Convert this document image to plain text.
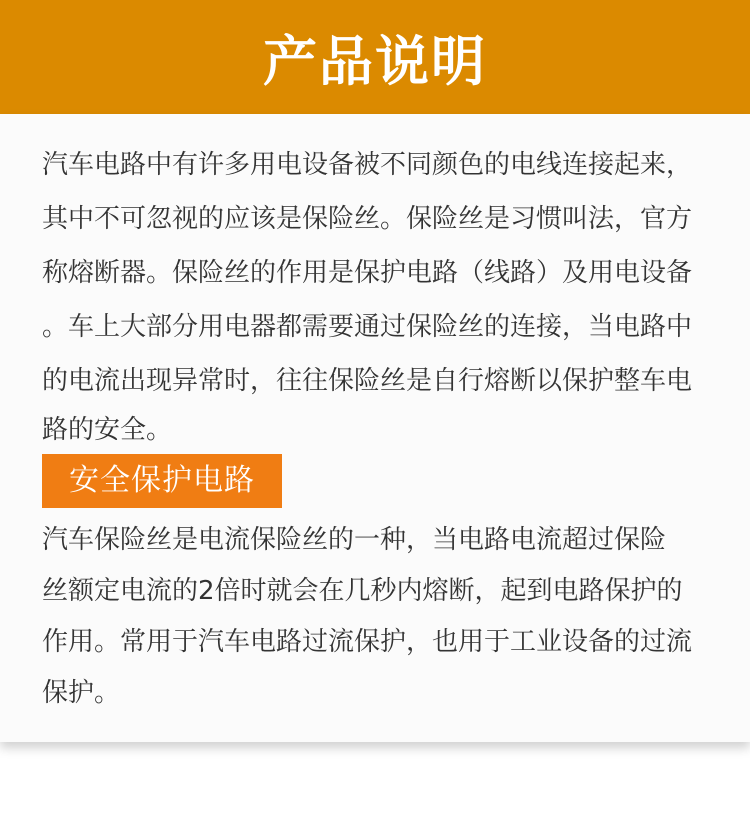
产品说明
汽车电路中有许多用电设备被不同颜色的电线连接起来，
其中不可忽视的应该是保险丝。保险丝是习惯叫法，官方
称熔断器。保险丝的作用是保护电路（线路）及用电设备
。车上大部分用电器都需要通过保险丝的连接，当电路中
的电流出现异常时，往往保险丝是自行熔断以保护整车电
路的安全。
安全保护电路
汽车保险丝是电流保险丝的一种，当电路电流超过保险
丝额定电流的2倍时就会在几秒内熔断，起到电路保护的
作用。常用于汽车电路过流保护，也用于工业设备的过流
保护。
